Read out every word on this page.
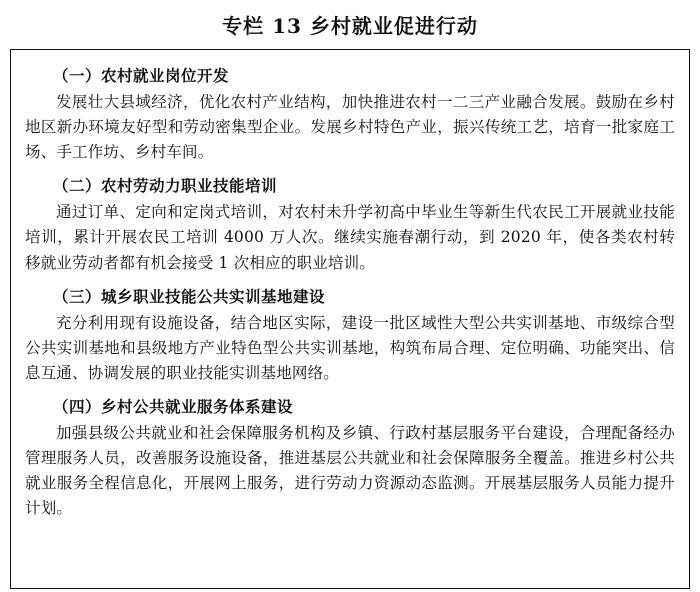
专栏 13 乡村就业促进行动
（一）农村就业岗位开发

发展壮大县域经济，优化农村产业结构，加快推进农村一二三产业融合发展。鼓励在乡村地区新办环境友好型和劳动密集型企业。发展乡村特色产业，振兴传统工艺，培育一批家庭工场、手工作坊、乡村车间。

（二）农村劳动力职业技能培训

通过订单、定向和定岗式培训，对农村未升学初高中毕业生等新生代农民工开展就业技能培训，累计开展农民工培训 4000 万人次。继续实施春潮行动，到 2020 年，使各类农村转移就业劳动者都有机会接受 1 次相应的职业培训。

（三）城乡职业技能公共实训基地建设

充分利用现有设施设备，结合地区实际，建设一批区域性大型公共实训基地、市级综合型公共实训基地和县级地方产业特色型公共实训基地，构筑布局合理、定位明确、功能突出、信息互通、协调发展的职业技能实训基地网络。

（四）乡村公共就业服务体系建设

加强县级公共就业和社会保障服务机构及乡镇、行政村基层服务平台建设，合理配备经办管理服务人员，改善服务设施设备，推进基层公共就业和社会保障服务全覆盖。推进乡村公共就业服务全程信息化，开展网上服务，进行劳动力资源动态监测。开展基层服务人员能力提升计划。
